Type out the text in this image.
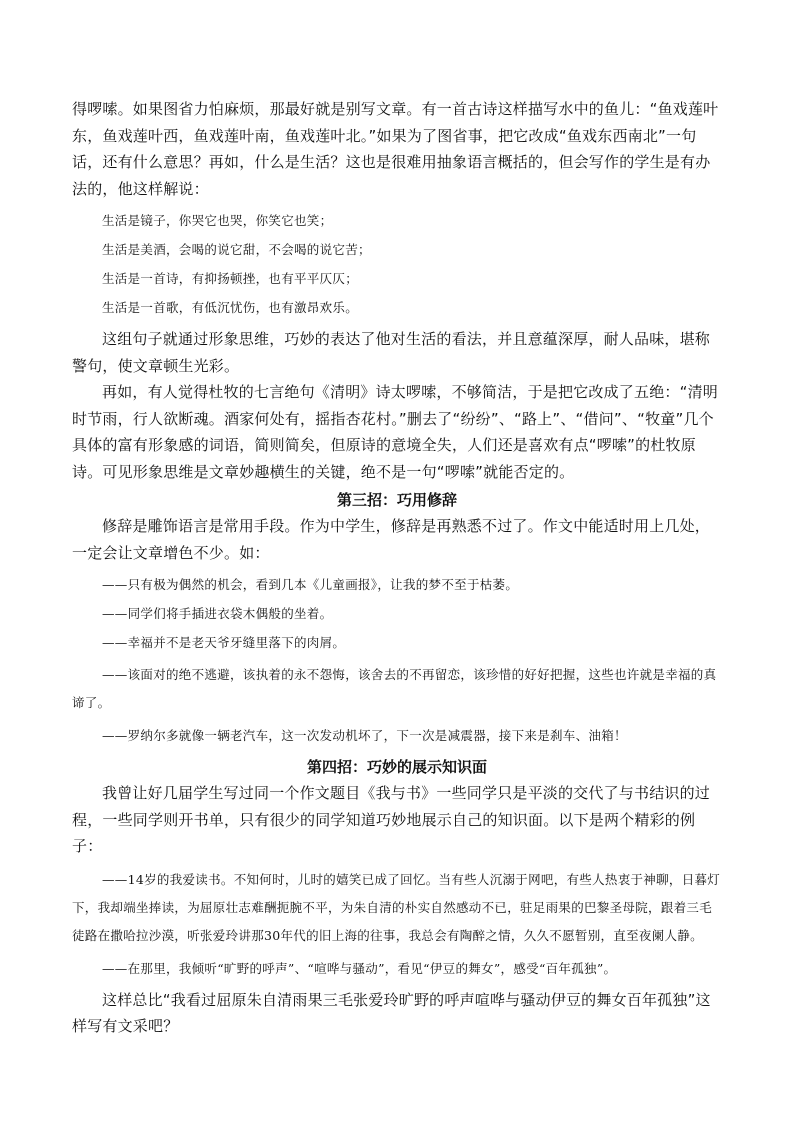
得啰嗦。如果图省力怕麻烦，那最好就是别写文章。有一首古诗这样描写水中的鱼儿：“鱼戏莲叶东，鱼戏莲叶西，鱼戏莲叶南，鱼戏莲叶北。”如果为了图省事，把它改成“鱼戏东西南北”一句话，还有什么意思？再如，什么是生活？这也是很难用抽象语言概括的，但会写作的学生是有办法的，他这样解说：

生活是镜子，你哭它也哭，你笑它也笑；

生活是美酒，会喝的说它甜，不会喝的说它苦；

生活是一首诗，有抑扬顿挫，也有平平仄仄；

生活是一首歌，有低沉忧伤，也有激昂欢乐。

这组句子就通过形象思维，巧妙的表达了他对生活的看法，并且意蕴深厚，耐人品味，堪称警句，使文章顿生光彩。

再如，有人觉得杜牧的七言绝句《清明》诗太啰嗦，不够简洁，于是把它改成了五绝：“清明时节雨，行人欲断魂。酒家何处有，摇指杏花村。”删去了“纷纷”、“路上”、“借问”、“牧童”几个具体的富有形象感的词语，简则简矣，但原诗的意境全失，人们还是喜欢有点“啰嗦”的杜牧原诗。可见形象思维是文章妙趣横生的关键，绝不是一句“啰嗦”就能否定的。

第三招：巧用修辞

修辞是雕饰语言是常用手段。作为中学生，修辞是再熟悉不过了。作文中能适时用上几处，一定会让文章增色不少。如：

——只有极为偶然的机会，看到几本《儿童画报》，让我的梦不至于枯萎。

——同学们将手插进衣袋木偶般的坐着。

——幸福并不是老天爷牙缝里落下的肉屑。

——该面对的绝不逃避，该执着的永不怨悔，该舍去的不再留恋，该珍惜的好好把握，这些也许就是幸福的真谛了。

——罗纳尔多就像一辆老汽车，这一次发动机坏了，下一次是减震器，接下来是刹车、油箱！

第四招：巧妙的展示知识面

我曾让好几届学生写过同一个作文题目《我与书》一些同学只是平淡的交代了与书结识的过程，一些同学则开书单，只有很少的同学知道巧妙地展示自己的知识面。以下是两个精彩的例子：

——14岁的我爱读书。不知何时，儿时的嬉笑已成了回忆。当有些人沉溺于网吧，有些人热衷于神聊，日暮灯下，我却端坐捧读，为屈原壮志难酬扼腕不平，为朱自清的朴实自然感动不已，驻足雨果的巴黎圣母院，跟着三毛徒路在撒哈拉沙漠，听张爱玲讲那30年代的旧上海的往事，我总会有陶醉之情，久久不愿暂别，直至夜阑人静。

——在那里，我倾听“旷野的呼声”、“喧哗与骚动”，看见“伊豆的舞女”，感受“百年孤独”。

这样总比“我看过屈原朱自清雨果三毛张爱玲旷野的呼声喧哗与骚动伊豆的舞女百年孤独”这样写有文采吧？
